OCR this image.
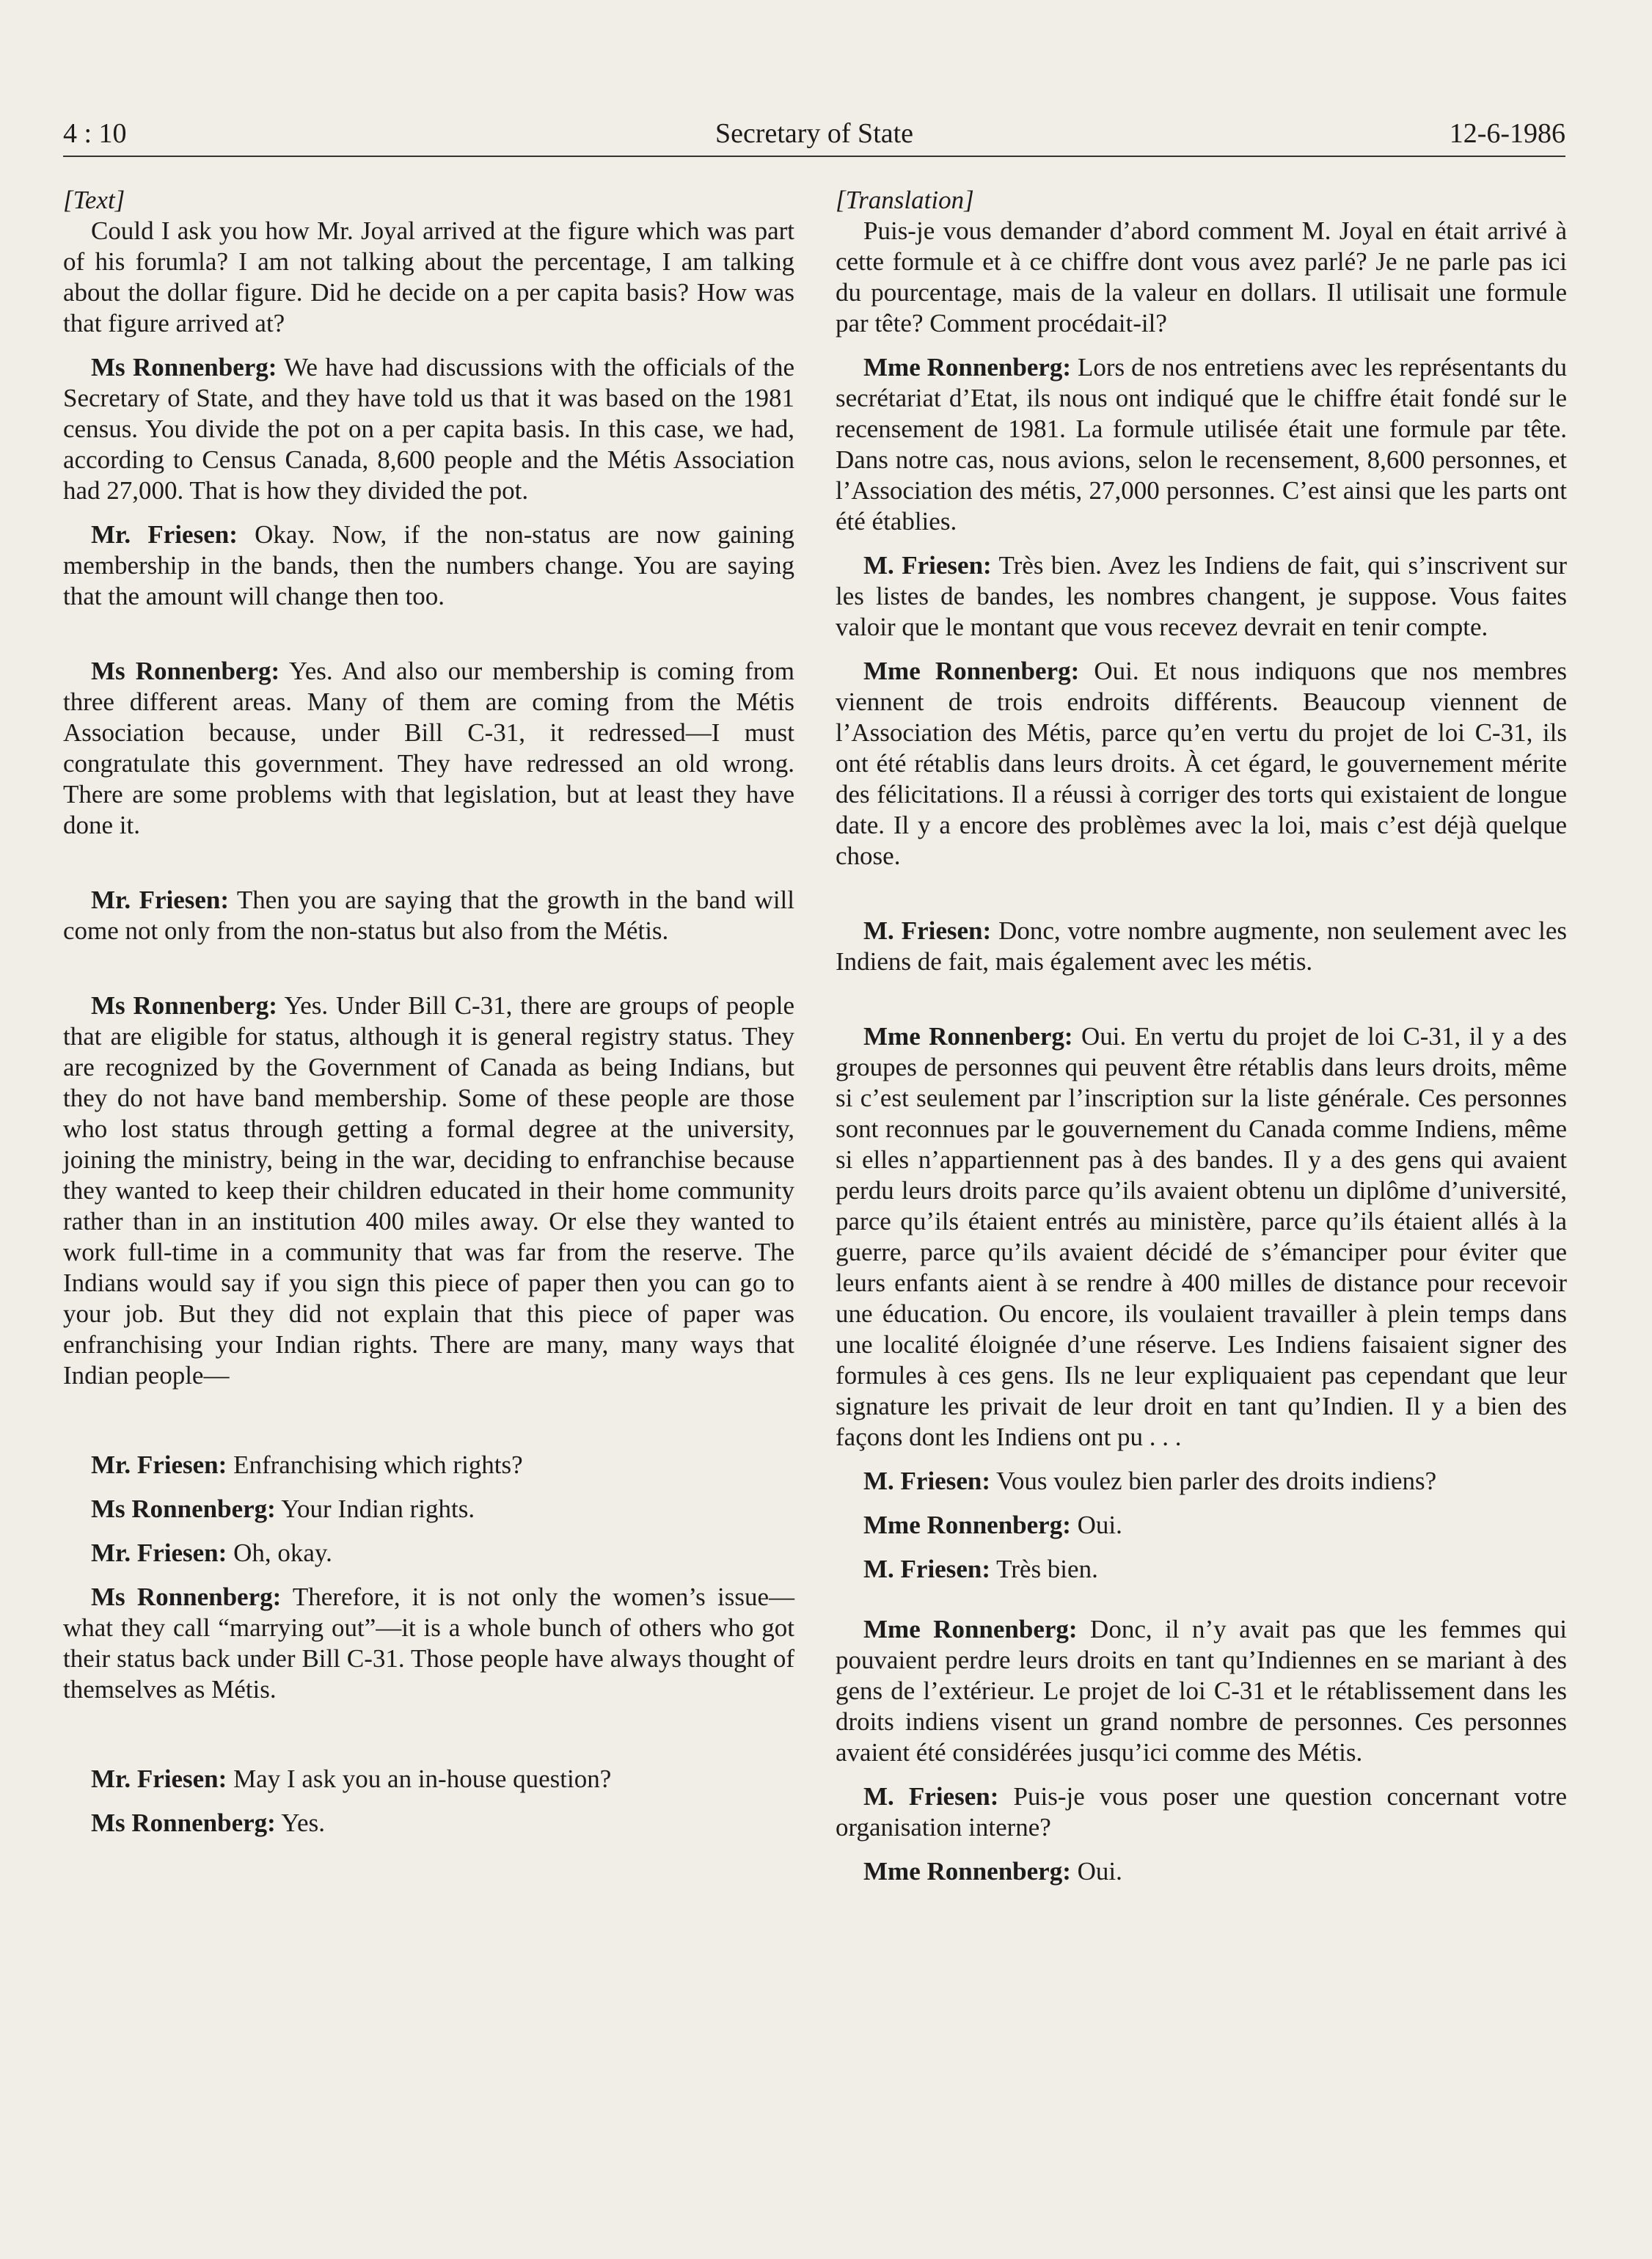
4 : 10	Secretary of State	12-6-1986

[Text]

Could I ask you how Mr. Joyal arrived at the figure which was part of his forumla? I am not talking about the percentage, I am talking about the dollar figure. Did he decide on a per capita basis? How was that figure arrived at?

Ms Ronnenberg: We have had discussions with the officials of the Secretary of State, and they have told us that it was based on the 1981 census. You divide the pot on a per capita basis. In this case, we had, according to Census Canada, 8,600 people and the Métis Association had 27,000. That is how they divided the pot.

Mr. Friesen: Okay. Now, if the non-status are now gaining membership in the bands, then the numbers change. You are saying that the amount will change then too.

Ms Ronnenberg: Yes. And also our membership is coming from three different areas. Many of them are coming from the Métis Association because, under Bill C-31, it redressed—I must congratulate this government. They have redressed an old wrong. There are some problems with that legislation, but at least they have done it.

Mr. Friesen: Then you are saying that the growth in the band will come not only from the non-status but also from the Métis.

Ms Ronnenberg: Yes. Under Bill C-31, there are groups of people that are eligible for status, although it is general registry status. They are recognized by the Government of Canada as being Indians, but they do not have band membership. Some of these people are those who lost status through getting a formal degree at the university, joining the ministry, being in the war, deciding to enfranchise because they wanted to keep their children educated in their home community rather than in an institution 400 miles away. Or else they wanted to work full-time in a community that was far from the reserve. The Indians would say if you sign this piece of paper then you can go to your job. But they did not explain that this piece of paper was enfranchising your Indian rights. There are many, many ways that Indian people—

Mr. Friesen: Enfranchising which rights?

Ms Ronnenberg: Your Indian rights.

Mr. Friesen: Oh, okay.

Ms Ronnenberg: Therefore, it is not only the women’s issue—what they call “marrying out”—it is a whole bunch of others who got their status back under Bill C-31. Those people have always thought of themselves as Métis.

Mr. Friesen: May I ask you an in-house question?

Ms Ronnenberg: Yes.

[Translation]

Puis-je vous demander d’abord comment M. Joyal en était arrivé à cette formule et à ce chiffre dont vous avez parlé? Je ne parle pas ici du pourcentage, mais de la valeur en dollars. Il utilisait une formule par tête? Comment procédait-il?

Mme Ronnenberg: Lors de nos entretiens avec les représentants du secrétariat d’Etat, ils nous ont indiqué que le chiffre était fondé sur le recensement de 1981. La formule utilisée était une formule par tête. Dans notre cas, nous avions, selon le recensement, 8,600 personnes, et l’Association des métis, 27,000 personnes. C’est ainsi que les parts ont été établies.

M. Friesen: Très bien. Avez les Indiens de fait, qui s’inscrivent sur les listes de bandes, les nombres changent, je suppose. Vous faites valoir que le montant que vous recevez devrait en tenir compte.

Mme Ronnenberg: Oui. Et nous indiquons que nos membres viennent de trois endroits différents. Beaucoup viennent de l’Association des Métis, parce qu’en vertu du projet de loi C-31, ils ont été rétablis dans leurs droits. À cet égard, le gouvernement mérite des félicitations. Il a réussi à corriger des torts qui existaient de longue date. Il y a encore des problèmes avec la loi, mais c’est déjà quelque chose.

M. Friesen: Donc, votre nombre augmente, non seulement avec les Indiens de fait, mais également avec les métis.

Mme Ronnenberg: Oui. En vertu du projet de loi C-31, il y a des groupes de personnes qui peuvent être rétablis dans leurs droits, même si c’est seulement par l’inscription sur la liste générale. Ces personnes sont reconnues par le gouvernement du Canada comme Indiens, même si elles n’appartiennent pas à des bandes. Il y a des gens qui avaient perdu leurs droits parce qu’ils avaient obtenu un diplôme d’université, parce qu’ils étaient entrés au ministère, parce qu’ils étaient allés à la guerre, parce qu’ils avaient décidé de s’émanciper pour éviter que leurs enfants aient à se rendre à 400 milles de distance pour recevoir une éducation. Ou encore, ils voulaient travailler à plein temps dans une localité éloignée d’une réserve. Les Indiens faisaient signer des formules à ces gens. Ils ne leur expliquaient pas cependant que leur signature les privait de leur droit en tant qu’Indien. Il y a bien des façons dont les Indiens ont pu . . .

M. Friesen: Vous voulez bien parler des droits indiens?

Mme Ronnenberg: Oui.

M. Friesen: Très bien.

Mme Ronnenberg: Donc, il n’y avait pas que les femmes qui pouvaient perdre leurs droits en tant qu’Indiennes en se mariant à des gens de l’extérieur. Le projet de loi C-31 et le rétablissement dans les droits indiens visent un grand nombre de personnes. Ces personnes avaient été considérées jusqu’ici comme des Métis.

M. Friesen: Puis-je vous poser une question concernant votre organisation interne?

Mme Ronnenberg: Oui.
